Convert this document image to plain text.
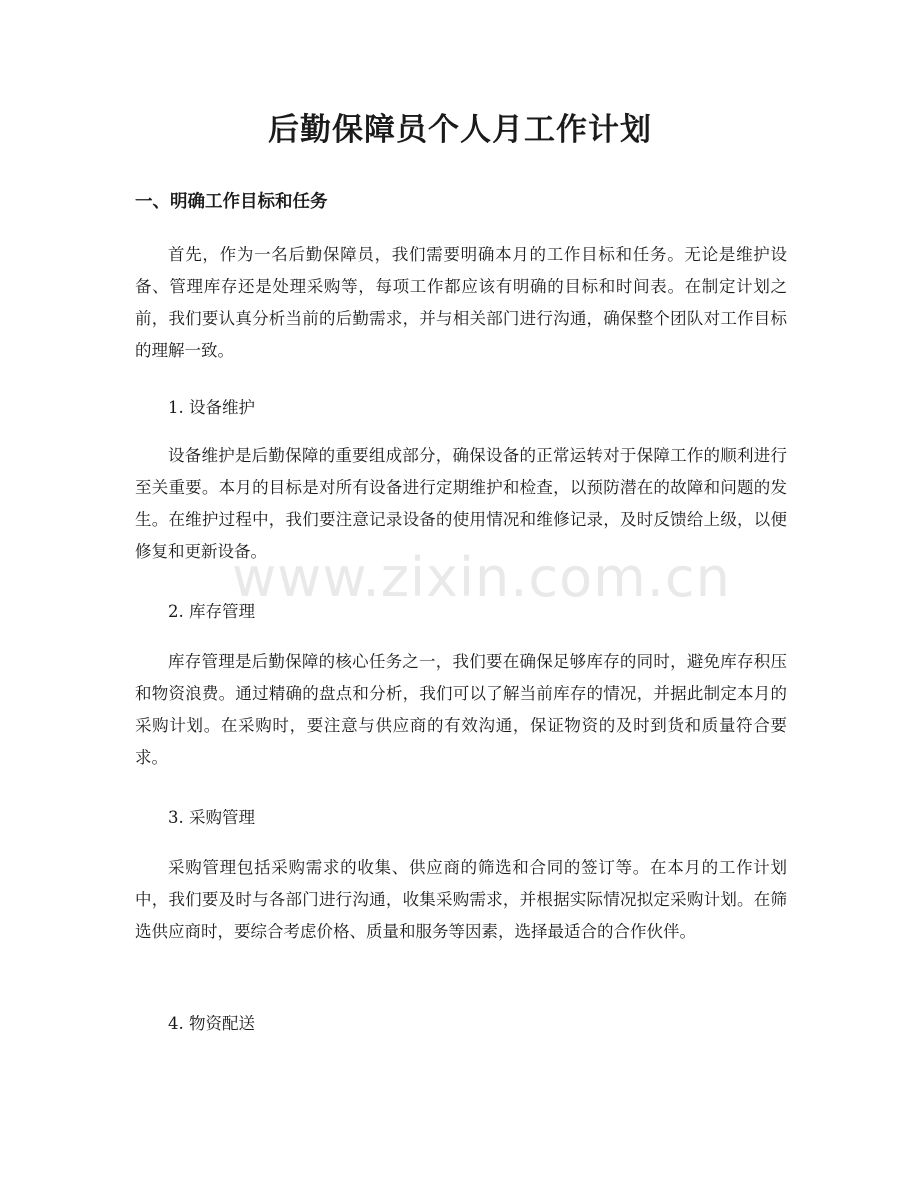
后勤保障员个人月工作计划
一、明确工作目标和任务

首先，作为一名后勤保障员，我们需要明确本月的工作目标和任务。无论是维护设备、管理库存还是处理采购等，每项工作都应该有明确的目标和时间表。在制定计划之前，我们要认真分析当前的后勤需求，并与相关部门进行沟通，确保整个团队对工作目标的理解一致。

1. 设备维护

设备维护是后勤保障的重要组成部分，确保设备的正常运转对于保障工作的顺利进行至关重要。本月的目标是对所有设备进行定期维护和检查，以预防潜在的故障和问题的发生。在维护过程中，我们要注意记录设备的使用情况和维修记录，及时反馈给上级，以便修复和更新设备。

2. 库存管理

库存管理是后勤保障的核心任务之一，我们要在确保足够库存的同时，避免库存积压和物资浪费。通过精确的盘点和分析，我们可以了解当前库存的情况，并据此制定本月的采购计划。在采购时，要注意与供应商的有效沟通，保证物资的及时到货和质量符合要求。

3. 采购管理

采购管理包括采购需求的收集、供应商的筛选和合同的签订等。在本月的工作计划中，我们要及时与各部门进行沟通，收集采购需求，并根据实际情况拟定采购计划。在筛选供应商时，要综合考虑价格、质量和服务等因素，选择最适合的合作伙伴。

4. 物资配送

www.zixin.com.cn
